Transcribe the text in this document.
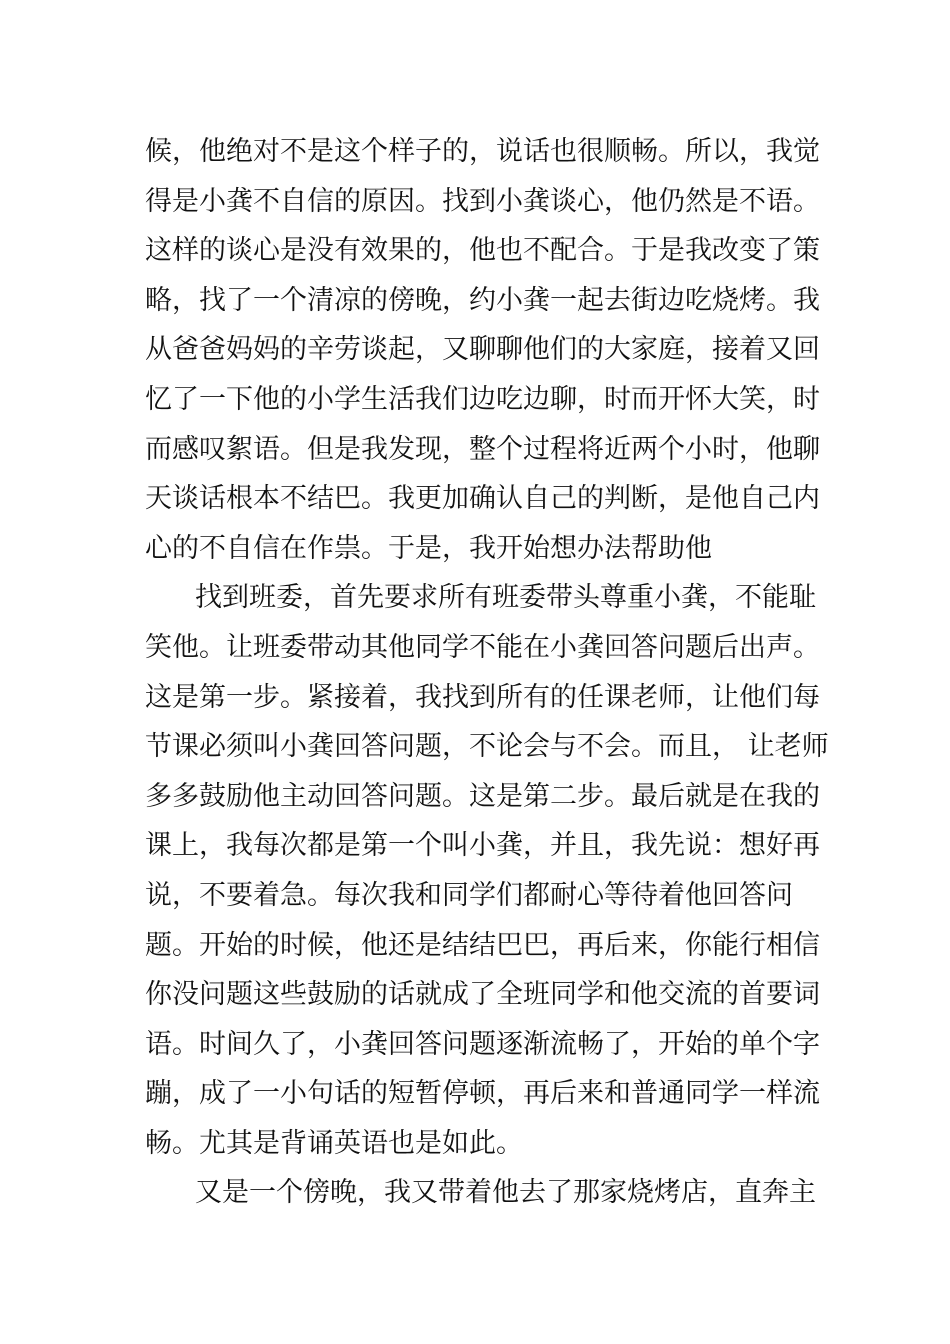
候，他绝对不是这个样子的，说话也很顺畅。所以，我觉
得是小龚不自信的原因。找到小龚谈心，他仍然是不语。
这样的谈心是没有效果的，他也不配合。于是我改变了策
略，找了一个清凉的傍晚，约小龚一起去街边吃烧烤。我
从爸爸妈妈的辛劳谈起，又聊聊他们的大家庭，接着又回
忆了一下他的小学生活我们边吃边聊，时而开怀大笑，时
而感叹絮语。但是我发现，整个过程将近两个小时，他聊
天谈话根本不结巴。我更加确认自己的判断，是他自己内
心的不自信在作祟。于是，我开始想办法帮助他
找到班委，首先要求所有班委带头尊重小龚，不能耻
笑他。让班委带动其他同学不能在小龚回答问题后出声。
这是第一步。紧接着，我找到所有的任课老师，让他们每
节课必须叫小龚回答问题，不论会与不会。而且， 让老师
多多鼓励他主动回答问题。这是第二步。最后就是在我的
课上，我每次都是第一个叫小龚，并且，我先说：想好再
说，不要着急。每次我和同学们都耐心等待着他回答问
题。开始的时候，他还是结结巴巴，再后来，你能行相信
你没问题这些鼓励的话就成了全班同学和他交流的首要词
语。时间久了，小龚回答问题逐渐流畅了，开始的单个字
蹦，成了一小句话的短暂停顿，再后来和普通同学一样流
畅。尤其是背诵英语也是如此。
又是一个傍晚，我又带着他去了那家烧烤店，直奔主
